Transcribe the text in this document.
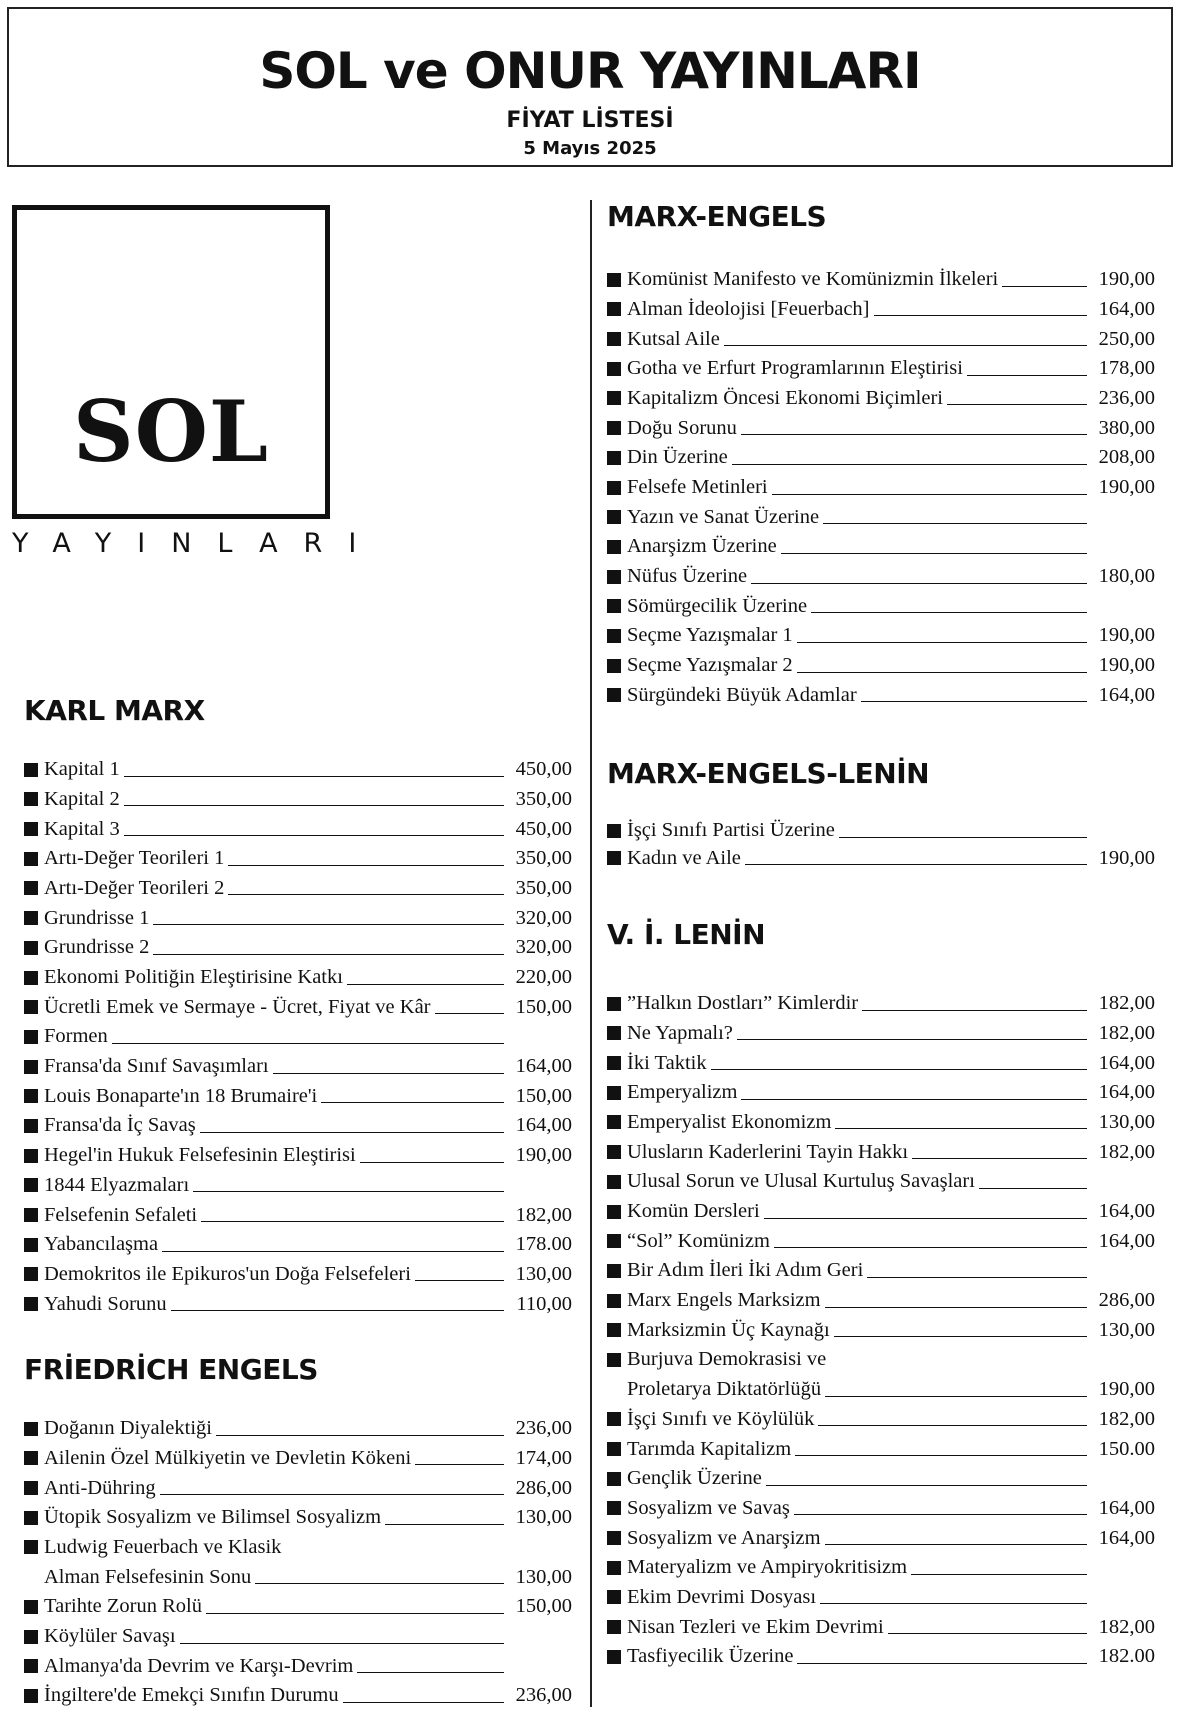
SOL ve ONUR YAYINLARI
FİYAT LİSTESİ
5 Mayıs 2025
SOL
YAYINLARI
KARL MARX
Kapital 1	450,00
Kapital 2	350,00
Kapital 3	450,00
Artı-Değer Teorileri 1	350,00
Artı-Değer Teorileri 2	350,00
Grundrisse 1	320,00
Grundrisse 2	320,00
Ekonomi Politiğin Eleştirisine Katkı	220,00
Ücretli Emek ve Sermaye - Ücret, Fiyat ve Kâr	150,00
Formen
Fransa'da Sınıf Savaşımları	164,00
Louis Bonaparte'ın 18 Brumaire'i	150,00
Fransa'da İç Savaş	164,00
Hegel'in Hukuk Felsefesinin Eleştirisi	190,00
1844 Elyazmaları
Felsefenin Sefaleti	182,00
Yabancılaşma	178.00
Demokritos ile Epikuros'un Doğa Felsefeleri	130,00
Yahudi Sorunu	110,00
FRİEDRİCH ENGELS
Doğanın Diyalektiği	236,00
Ailenin Özel Mülkiyetin ve Devletin Kökeni	174,00
Anti-Dühring	286,00
Ütopik Sosyalizm ve Bilimsel Sosyalizm	130,00
Ludwig Feuerbach ve Klasik
Alman Felsefesinin Sonu	130,00
Tarihte Zorun Rolü	150,00
Köylüler Savaşı
Almanya'da Devrim ve Karşı-Devrim
İngiltere'de Emekçi Sınıfın Durumu	236,00
MARX-ENGELS
Komünist Manifesto ve Komünizmin İlkeleri	190,00
Alman İdeolojisi [Feuerbach]	164,00
Kutsal Aile	250,00
Gotha ve Erfurt Programlarının Eleştirisi	178,00
Kapitalizm Öncesi Ekonomi Biçimleri	236,00
Doğu Sorunu	380,00
Din Üzerine	208,00
Felsefe Metinleri	190,00
Yazın ve Sanat Üzerine
Anarşizm Üzerine
Nüfus Üzerine	180,00
Sömürgecilik Üzerine
Seçme Yazışmalar 1	190,00
Seçme Yazışmalar 2	190,00
Sürgündeki Büyük Adamlar	164,00
MARX-ENGELS-LENİN
İşçi Sınıfı Partisi Üzerine
Kadın ve Aile	190,00
V. İ. LENİN
”Halkın Dostları” Kimlerdir	182,00
Ne Yapmalı?	182,00
İki Taktik	164,00
Emperyalizm	164,00
Emperyalist Ekonomizm	130,00
Ulusların Kaderlerini Tayin Hakkı	182,00
Ulusal Sorun ve Ulusal Kurtuluş Savaşları
Komün Dersleri	164,00
“Sol” Komünizm	164,00
Bir Adım İleri İki Adım Geri
Marx Engels Marksizm	286,00
Marksizmin Üç Kaynağı	130,00
Burjuva Demokrasisi ve
Proletarya Diktatörlüğü	190,00
İşçi Sınıfı ve Köylülük	182,00
Tarımda Kapitalizm	150.00
Gençlik Üzerine
Sosyalizm ve Savaş	164,00
Sosyalizm ve Anarşizm	164,00
Materyalizm ve Ampiryokritisizm
Ekim Devrimi Dosyası
Nisan Tezleri ve Ekim Devrimi	182,00
Tasfiyecilik Üzerine	182.00
